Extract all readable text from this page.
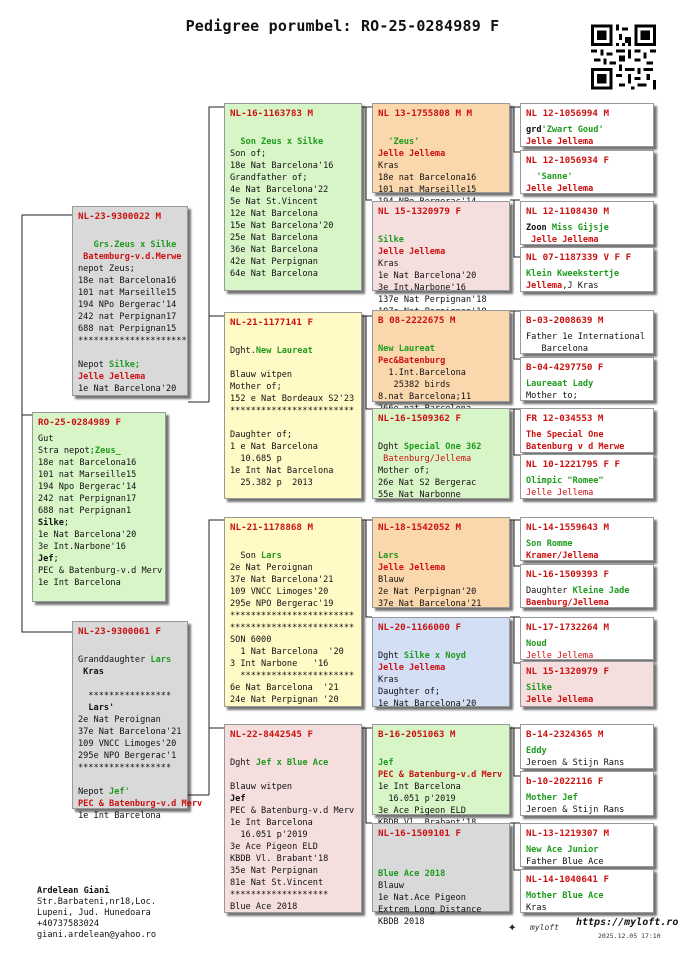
Pedigree porumbel: RO-25-0284989 F
RO-25-0284989 F
Gut
Stra nepot;Zeus_
18e nat Barcelona16
101 nat Marseille15
194 Npo Bergerac'14
242 nat Perpignan17
688 nat Perpignan1
Silke;
1e Nat Barcelona'20
3e Int.Narbone'16
Jef;
PEC & Batenburg-v.d Merv
1e Int Barcelona
NL-23-9300022 M
Grs.Zeus x Silke
Batemburg-v.d.Merwe
nepot Zeus;
18e nat Barcelona16
101 nat Marseille15
194 NPo Bergerac'14
242 nat Perpignan17
688 nat Perpignan15
*********************
Nepot Silke;
Jelle Jellema
1e Nat Barcelona'20
NL-23-9300061 F
Granddaughter Lars
Kras
****************
Lars'
2e Nat Peroignan
37e Nat Barcelona'21
109 VNCC Limoges'20
295e NPO Bergerac'1
******************
Nepot Jef'
PEC & Batenburg-v.d Merv
1e Int Barcelona
NL-16-1163783 M
Son Zeus x Silke
Son of;
18e Nat Barcelona'16
Grandfather of;
4e Nat Barcelona'22
5e Nat St.Vincent
12e Nat Barcelona
15e Nat Barcelona'20
25e Nat Barcelona
36e Nat Barcelona
42e Nat Perpignan
64e Nat Barcelona
NL-21-1177141 F
Dght.New Laureat
Blauw witpen
Mother of;
152 e Nat Bordeaux S2'23
************************
Daughter of;
1 e Nat Barcelona
10.685 p
1e Int Nat Barcelona
25.382 p  2013
NL-21-1178868 M
Son Lars
2e Nat Peroignan
37e Nat Barcelona'21
109 VNCC Limoges'20
295e NPO Bergerac'19
************************
************************
SON 6000
1 Nat Barcelona  '20
3 Int Narbone   '16
**********************
6e Nat Barcelona  '21
24e Nat Perpignan '20
NL-22-8442545 F
Dght Jef x Blue Ace
Blauw witpen
Jef
PEC & Batenburg-v.d Merv
1e Int Barcelona
16.051 p'2019
3e Ace Pigeon ELD
KBDB Vl. Brabant'18
35e Nat Perpignan
81e Nat St.Vincent
*******************
Blue Ace 2018
NL 13-1755808 M M
'Zeus'
Jelle Jellema
Kras
18e nat Barcelona16
101 nat Marseille15
NL 15-1320979 F
Silke
Jelle Jellema
Kras
1e Nat Barcelona'20
3e Int.Narbone'16
137e Nat Perpignan'18
B 08-2222675 M
New Laureat
Pec&Batenburg
1.Int.Barcelona
25382 birds
8.nat Barcelona;11
NL-16-1509362 F
Dght Special One 362
Batenburg/Jellema
Mother of;
26e Nat S2 Bergerac
55e Nat Narbonne
NL-18-1542052 M
Lars
Jelle Jellema
Blauw
2e Nat Perpignan'20
37e Nat Barcelona'21
NL-20-1166000 F
Dght Silke x Noyd
Jelle Jellema
Kras
Daughter of;
1e Nat Barcelona'20
B-16-2051063 M
Jef
PEC & Batenburg-v.d Merv
1e Int Barcelona
16.051 p'2019
3e Ace Pigeon ELD
NL-16-1509101 F
Blue Ace 2018
Blauw
1e Nat.Ace Pigeon
Extrem Long Distance
KBDB 2018
NL 12-1056994 M
grd'Zwart Goud'
Jelle Jellema
NL 12-1056934 F
'Sanne'
Jelle Jellema
NL 12-1108430 M
Zoon Miss Gijsje
Jelle Jellema
NL 07-1187339 V F F
Klein Kweekstertje
Jellema,J Kras
B-03-2008639 M
Father 1e International
Barcelona
B-04-4297750 F
Laureaat Lady
Mother to;
FR 12-034553 M
The Special One
Batenburg v d Merwe
NL 10-1221795 F F
Olimpic "Romee"
Jelle Jellema
NL-14-1559643 M
Son Romme
Kramer/Jellema
NL-16-1509393 F
Daughter Kleine Jade
Baenburg/Jellema
NL-17-1732264 M
Noud
Jelle Jellema
NL 15-1320979 F
Silke
Jelle Jellema
B-14-2324365 M
Eddy
Jeroen & Stijn Rans
b-10-2022116 F
Mother Jef
Jeroen & Stijn Rans
NL-13-1219307 M
New Ace Junior
Father Blue Ace
NL-14-1040641 F
Mother Blue Ace
Kras
Ardelean Giani
Str.Barbateni,nr18,Loc.
Lupeni, Jud. Hunedoara
+40737583024
giani.ardelean@yahoo.ro	✦ myloft https://myloft.ro
2025.12.05 17:10
